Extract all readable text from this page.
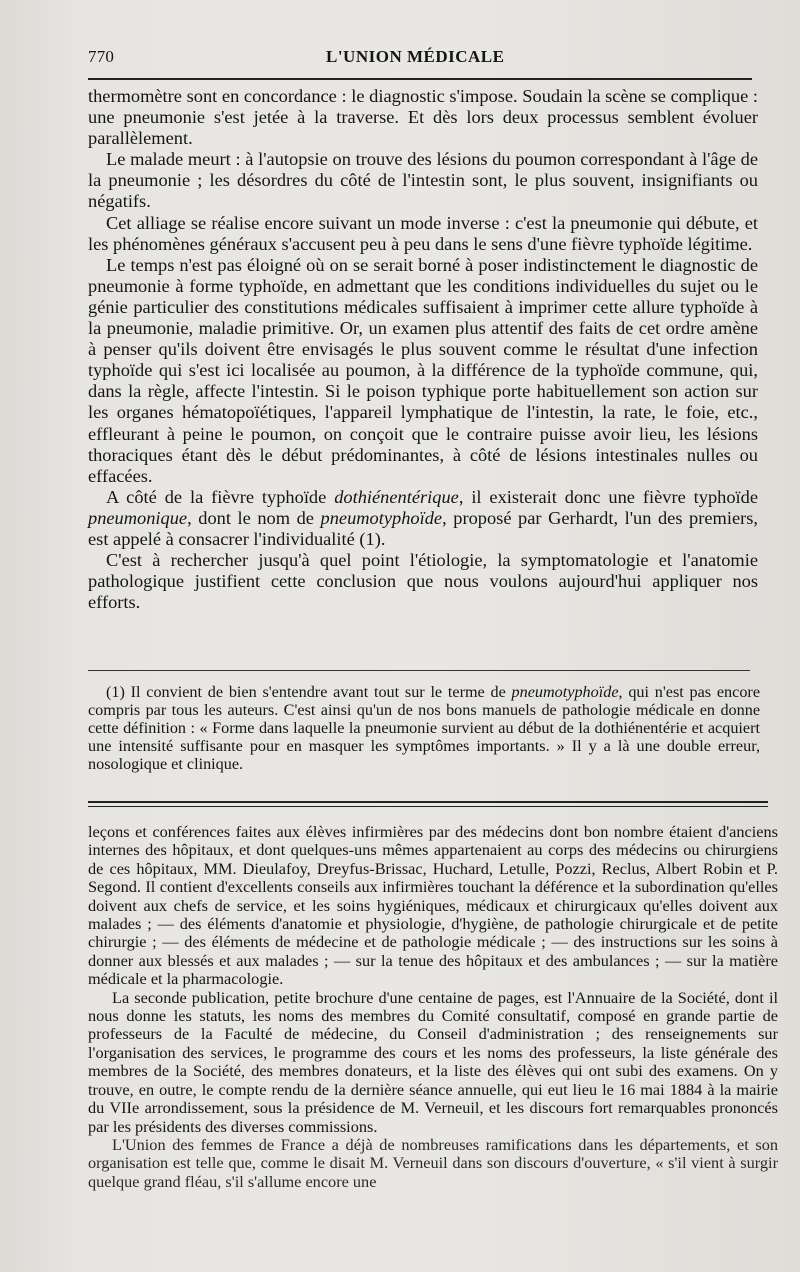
770	L'UNION MÉDICALE

thermomètre sont en concordance : le diagnostic s'impose. Soudain la scène se complique : une pneumonie s'est jetée à la traverse. Et dès lors deux processus semblent évoluer parallèlement.

Le malade meurt : à l'autopsie on trouve des lésions du poumon correspondant à l'âge de la pneumonie ; les désordres du côté de l'intestin sont, le plus souvent, insignifiants ou négatifs.

Cet alliage se réalise encore suivant un mode inverse : c'est la pneumonie qui débute, et les phénomènes généraux s'accusent peu à peu dans le sens d'une fièvre typhoïde légitime.

Le temps n'est pas éloigné où on se serait borné à poser indistinctement le diagnostic de pneumonie à forme typhoïde, en admettant que les conditions individuelles du sujet ou le génie particulier des constitutions médicales suffisaient à imprimer cette allure typhoïde à la pneumonie, maladie primitive. Or, un examen plus attentif des faits de cet ordre amène à penser qu'ils doivent être envisagés le plus souvent comme le résultat d'une infection typhoïde qui s'est ici localisée au poumon, à la différence de la typhoïde commune, qui, dans la règle, affecte l'intestin. Si le poison typhique porte habituellement son action sur les organes hématopoïétiques, l'appareil lymphatique de l'intestin, la rate, le foie, etc., effleurant à peine le poumon, on conçoit que le contraire puisse avoir lieu, les lésions thoraciques étant dès le début prédominantes, à côté de lésions intestinales nulles ou effacées.

A côté de la fièvre typhoïde dothiénentérique, il existerait donc une fièvre typhoïde pneumonique, dont le nom de pneumotyphoïde, proposé par Gerhardt, l'un des premiers, est appelé à consacrer l'individualité (1).

C'est à rechercher jusqu'à quel point l'étiologie, la symptomatologie et l'anatomie pathologique justifient cette conclusion que nous voulons aujourd'hui appliquer nos efforts.

(1) Il convient de bien s'entendre avant tout sur le terme de pneumotyphoïde, qui n'est pas encore compris par tous les auteurs. C'est ainsi qu'un de nos bons manuels de pathologie médicale en donne cette définition : « Forme dans laquelle la pneumonie survient au début de la dothiénentérie et acquiert une intensité suffisante pour en masquer les symptômes importants. » Il y a là une double erreur, nosologique et clinique.

leçons et conférences faites aux élèves infirmières par des médecins dont bon nombre étaient d'anciens internes des hôpitaux, et dont quelques-uns mêmes appartenaient au corps des médecins ou chirurgiens de ces hôpitaux, MM. Dieulafoy, Dreyfus-Brissac, Huchard, Letulle, Pozzi, Reclus, Albert Robin et P. Segond. Il contient d'excellents conseils aux infirmières touchant la déférence et la subordination qu'elles doivent aux chefs de service, et les soins hygiéniques, médicaux et chirurgicaux qu'elles doivent aux malades ; — des éléments d'anatomie et physiologie, d'hygiène, de pathologie chirurgicale et de petite chirurgie ; — des éléments de médecine et de pathologie médicale ; — des instructions sur les soins à donner aux blessés et aux malades ; — sur la tenue des hôpitaux et des ambulances ; — sur la matière médicale et la pharmacologie.

La seconde publication, petite brochure d'une centaine de pages, est l'Annuaire de la Société, dont il nous donne les statuts, les noms des membres du Comité consultatif, composé en grande partie de professeurs de la Faculté de médecine, du Conseil d'administration ; des renseignements sur l'organisation des services, le programme des cours et les noms des professeurs, la liste générale des membres de la Société, des membres donateurs, et la liste des élèves qui ont subi des examens. On y trouve, en outre, le compte rendu de la dernière séance annuelle, qui eut lieu le 16 mai 1884 à la mairie du VIIe arrondissement, sous la présidence de M. Verneuil, et les discours fort remarquables prononcés par les présidents des diverses commissions.

L'Union des femmes de France a déjà de nombreuses ramifications dans les départements, et son organisation est telle que, comme le disait M. Verneuil dans son discours d'ouverture, « s'il vient à surgir quelque grand fléau, s'il s'allume encore une
